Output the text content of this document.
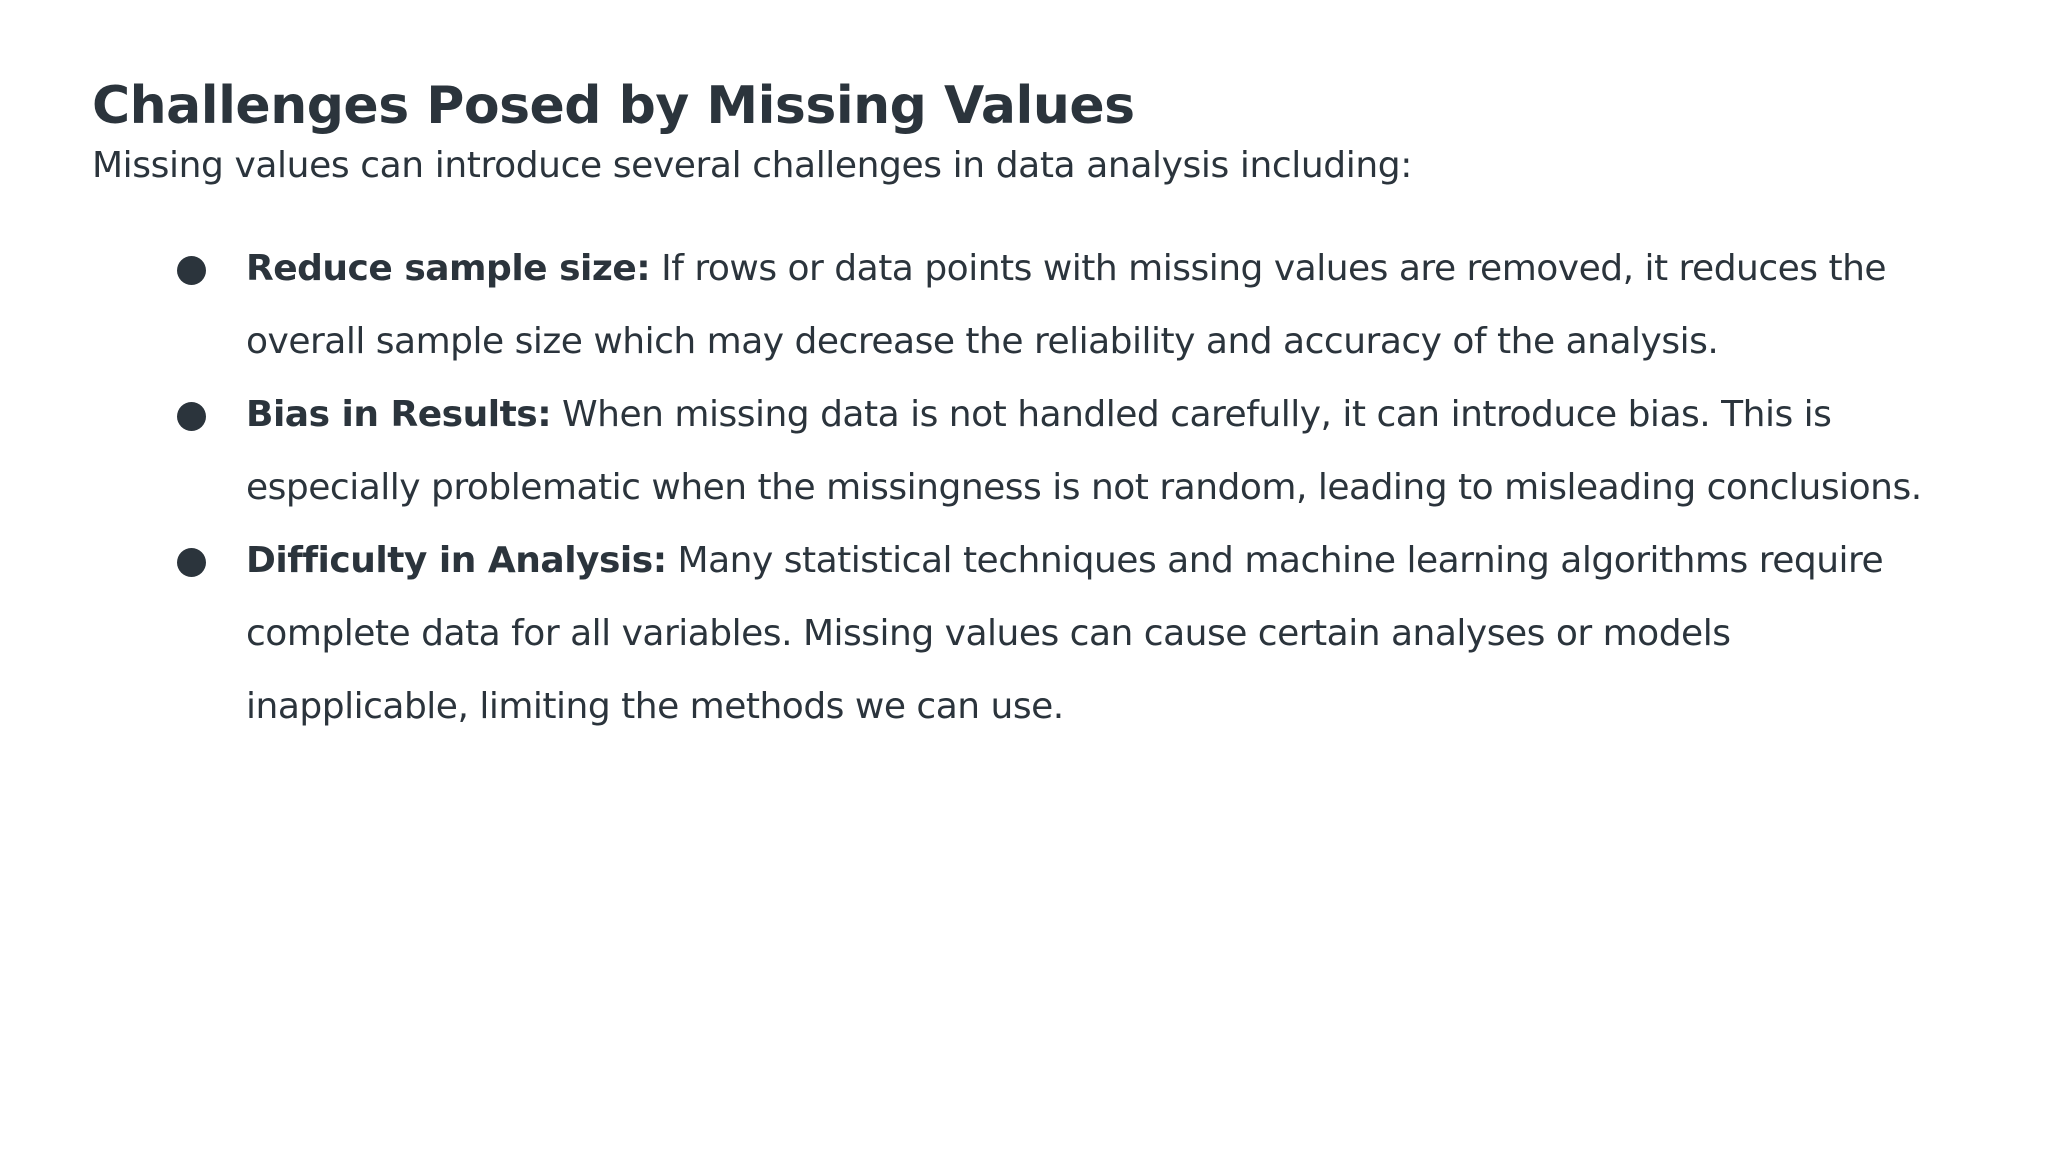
Challenges Posed by Missing Values

Missing values can introduce several challenges in data analysis including:

Reduce sample size: If rows or data points with missing values are removed, it reduces the overall sample size which may decrease the reliability and accuracy of the analysis.
Bias in Results: When missing data is not handled carefully, it can introduce bias. This is especially problematic when the missingness is not random, leading to misleading conclusions.
Difficulty in Analysis: Many statistical techniques and machine learning algorithms require complete data for all variables. Missing values can cause certain analyses or models inapplicable, limiting the methods we can use.
